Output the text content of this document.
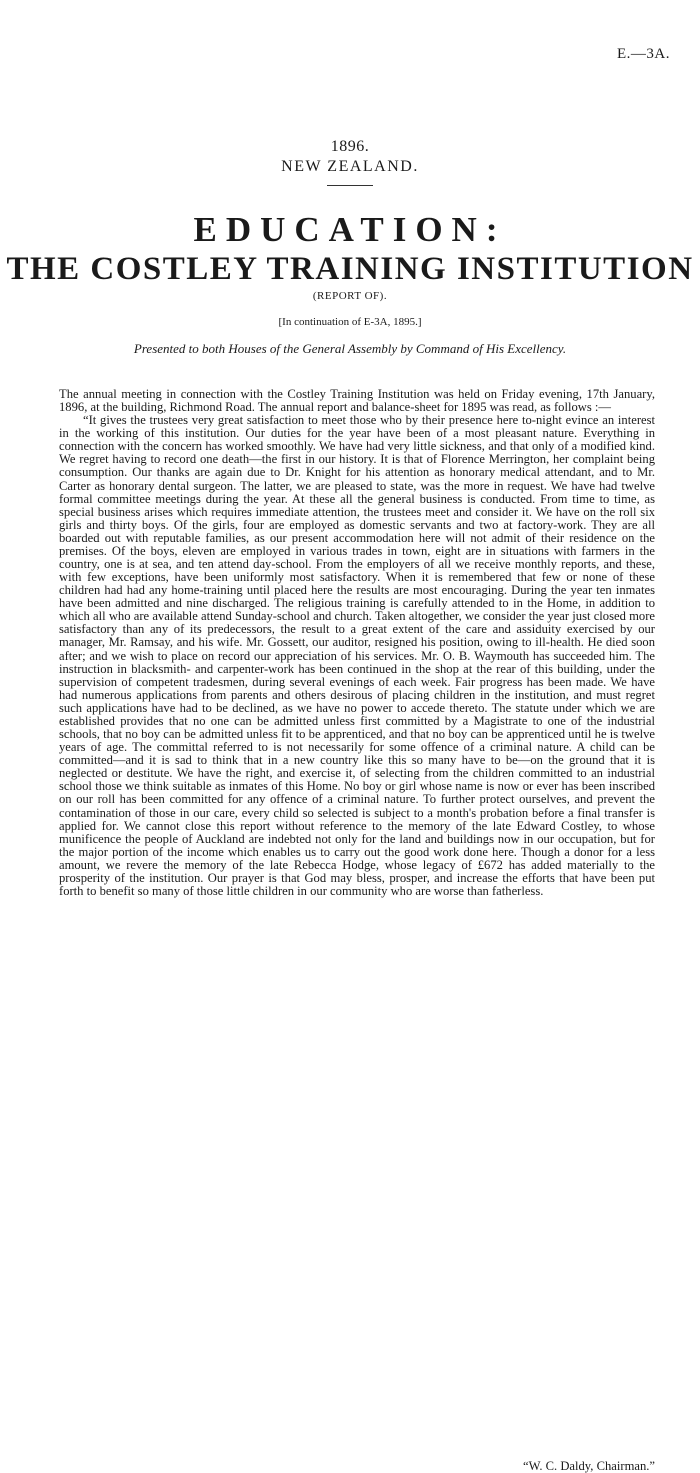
E.—3A.
1896.
NEW ZEALAND.
EDUCATION:
THE COSTLEY TRAINING INSTITUTION
(REPORT OF).
[In continuation of E-3A, 1895.]
Presented to both Houses of the General Assembly by Command of His Excellency.

The annual meeting in connection with the Costley Training Institution was held on Friday evening, 17th January, 1896, at the building, Richmond Road. The annual report and balance-sheet for 1895 was read, as follows :—

“It gives the trustees very great satisfaction to meet those who by their presence here to-night evince an interest in the working of this institution. Our duties for the year have been of a most pleasant nature. Everything in connection with the concern has worked smoothly. We have had very little sickness, and that only of a modified kind. We regret having to record one death—the first in our history. It is that of Florence Merrington, her complaint being consumption. Our thanks are again due to Dr. Knight for his attention as honorary medical attendant, and to Mr. Carter as honorary dental surgeon. The latter, we are pleased to state, was the more in request. We have had twelve formal committee meetings during the year. At these all the general business is conducted. From time to time, as special business arises which requires immediate attention, the trustees meet and consider it. We have on the roll six girls and thirty boys. Of the girls, four are employed as domestic servants and two at factory-work. They are all boarded out with reputable families, as our present accommodation here will not admit of their residence on the premises. Of the boys, eleven are employed in various trades in town, eight are in situations with farmers in the country, one is at sea, and ten attend day-school. From the employers of all we receive monthly reports, and these, with few exceptions, have been uniformly most satisfactory. When it is remembered that few or none of these children had had any home-training until placed here the results are most encouraging. During the year ten inmates have been admitted and nine discharged. The religious training is carefully attended to in the Home, in addition to which all who are available attend Sunday-school and church. Taken altogether, we consider the year just closed more satisfactory than any of its predecessors, the result to a great extent of the care and assiduity exercised by our manager, Mr. Ramsay, and his wife. Mr. Gossett, our auditor, resigned his position, owing to ill-health. He died soon after; and we wish to place on record our appreciation of his services. Mr. O. B. Waymouth has succeeded him. The instruction in blacksmith- and carpenter-work has been continued in the shop at the rear of this building, under the supervision of competent tradesmen, during several evenings of each week. Fair progress has been made. We have had numerous applications from parents and others desirous of placing children in the institution, and must regret such applications have had to be declined, as we have no power to accede thereto. The statute under which we are established provides that no one can be admitted unless first committed by a Magistrate to one of the industrial schools, that no boy can be admitted unless fit to be apprenticed, and that no boy can be apprenticed until he is twelve years of age. The committal referred to is not necessarily for some offence of a criminal nature. A child can be committed—and it is sad to think that in a new country like this so many have to be—on the ground that it is neglected or destitute. We have the right, and exercise it, of selecting from the children committed to an industrial school those we think suitable as inmates of this Home. No boy or girl whose name is now or ever has been inscribed on our roll has been committed for any offence of a criminal nature. To further protect ourselves, and prevent the contamination of those in our care, every child so selected is subject to a month's probation before a final transfer is applied for. We cannot close this report without reference to the memory of the late Edward Costley, to whose munificence the people of Auckland are indebted not only for the land and buildings now in our occupation, but for the major portion of the income which enables us to carry out the good work done here. Though a donor for a less amount, we revere the memory of the late Rebecca Hodge, whose legacy of £672 has added materially to the prosperity of the institution. Our prayer is that God may bless, prosper, and increase the efforts that have been put forth to benefit so many of those little children in our community who are worse than fatherless.

“W. C. Daldy, Chairman.”
